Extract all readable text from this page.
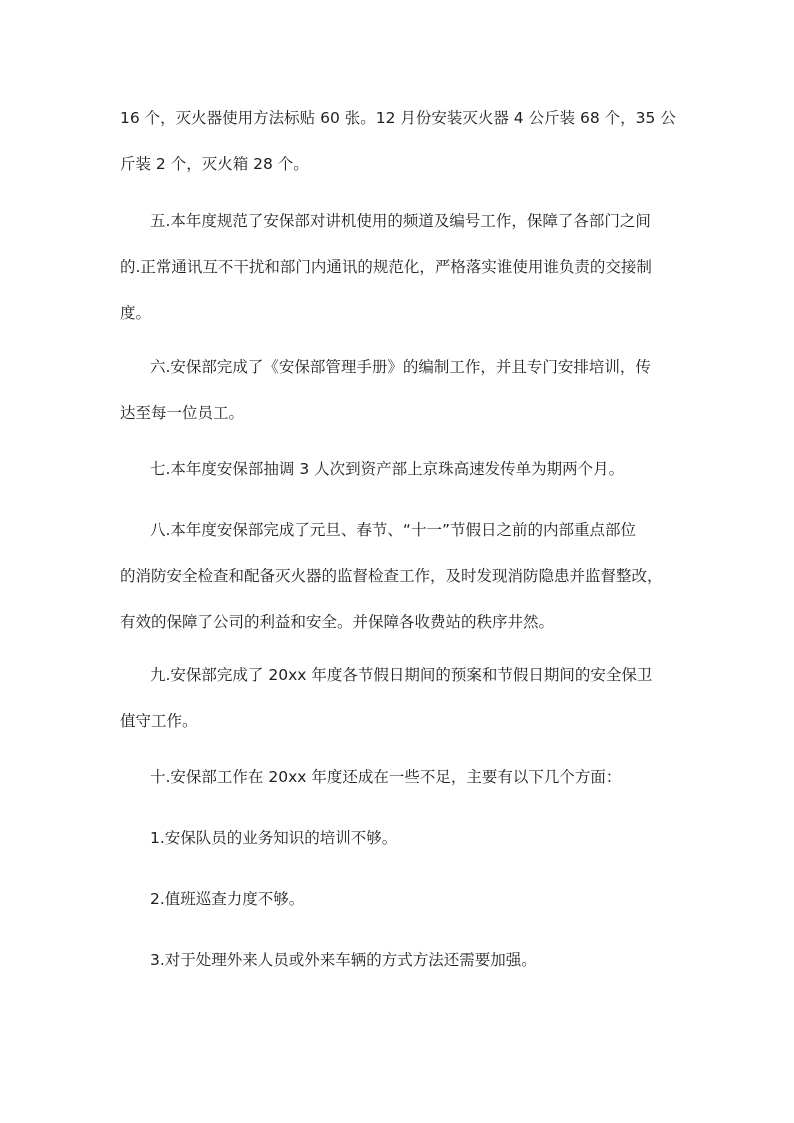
16 个，灭火器使用方法标贴 60 张。12 月份安装灭火器 4 公斤装 68 个，35 公
斤装 2 个，灭火箱 28 个。
五.本年度规范了安保部对讲机使用的频道及编号工作，保障了各部门之间
的.正常通讯互不干扰和部门内通讯的规范化，严格落实谁使用谁负责的交接制
度。
六.安保部完成了《安保部管理手册》的编制工作，并且专门安排培训，传
达至每一位员工。
七.本年度安保部抽调 3 人次到资产部上京珠高速发传单为期两个月。
八.本年度安保部完成了元旦、春节、“十一”节假日之前的内部重点部位
的消防安全检查和配备灭火器的监督检查工作，及时发现消防隐患并监督整改，
有效的保障了公司的利益和安全。并保障各收费站的秩序井然。
九.安保部完成了 20xx 年度各节假日期间的预案和节假日期间的安全保卫
值守工作。
十.安保部工作在 20xx 年度还成在一些不足，主要有以下几个方面：
1.安保队员的业务知识的培训不够。
2.值班巡查力度不够。
3.对于处理外来人员或外来车辆的方式方法还需要加强。
